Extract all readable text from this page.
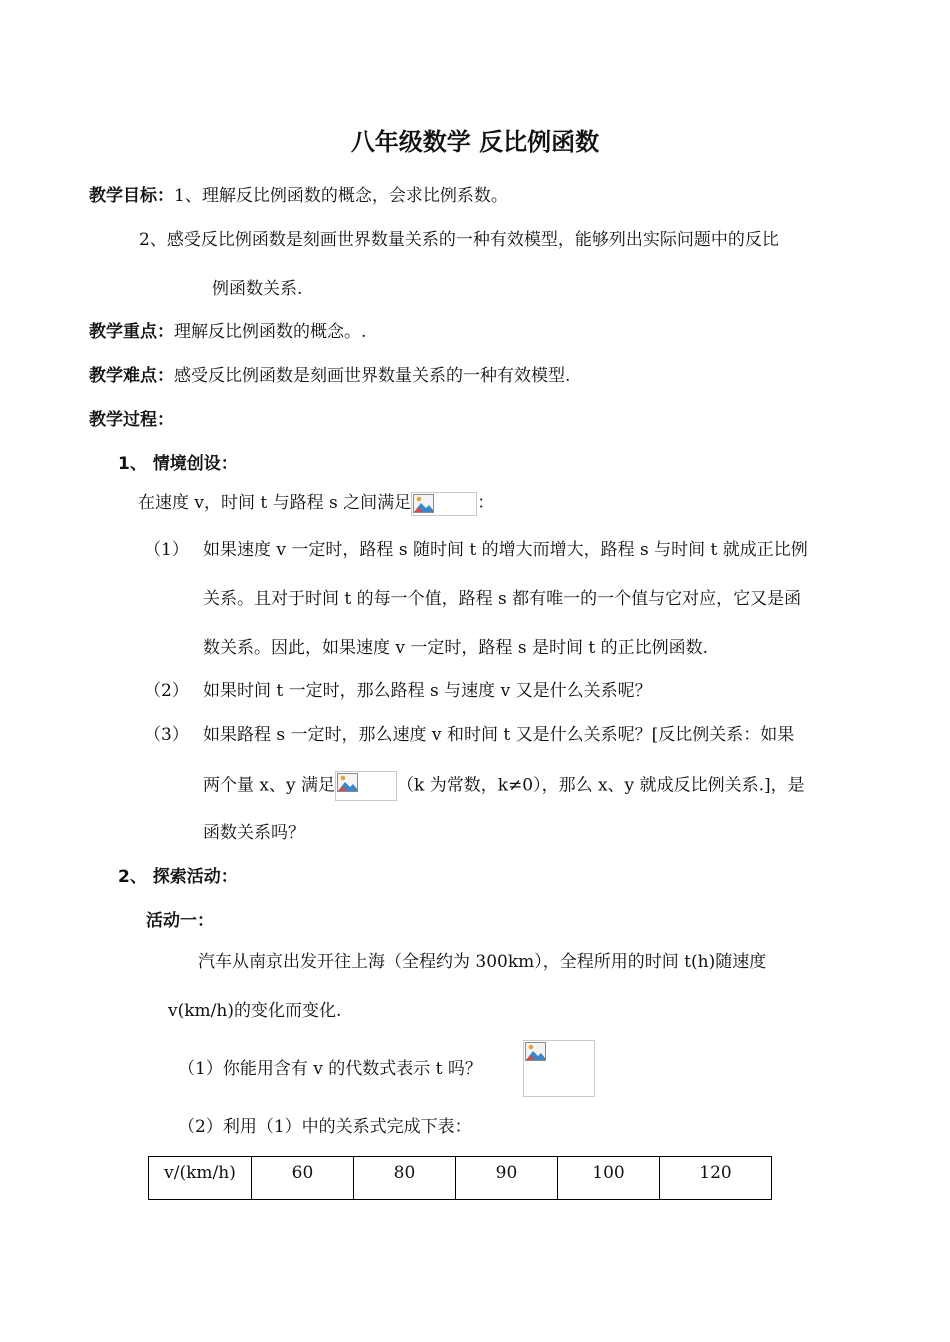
八年级数学 反比例函数
教学目标：1、理解反比例函数的概念，会求比例系数。
2、感受反比例函数是刻画世界数量关系的一种有效模型，能够列出实际问题中的反比
例函数关系.
教学重点：理解反比例函数的概念。.
教学难点：感受反比例函数是刻画世界数量关系的一种有效模型.
教学过程：
1、 情境创设：
在速度 v，时间 t 与路程 s 之间满足	：
（1） 如果速度 v 一定时，路程 s 随时间 t 的增大而增大，路程 s 与时间 t 就成正比例
关系。且对于时间 t 的每一个值，路程 s 都有唯一的一个值与它对应，它又是函
数关系。因此，如果速度 v 一定时，路程 s 是时间 t 的正比例函数.
（2） 如果时间 t 一定时，那么路程 s 与速度 v 又是什么关系呢？
（3） 如果路程 s 一定时，那么速度 v 和时间 t 又是什么关系呢？[反比例关系：如果
两个量 x、y 满足	（k 为常数，k≠0），那么 x、y 就成反比例关系.]，是
函数关系吗？
2、 探索活动：
活动一：
汽车从南京出发开往上海（全程约为 300km），全程所用的时间 t(h)随速度
v(km/h)的变化而变化.
（1）你能用含有 v 的代数式表示 t 吗？
（2）利用（1）中的关系式完成下表：
v/(km/h)	60	80	90	100	120
